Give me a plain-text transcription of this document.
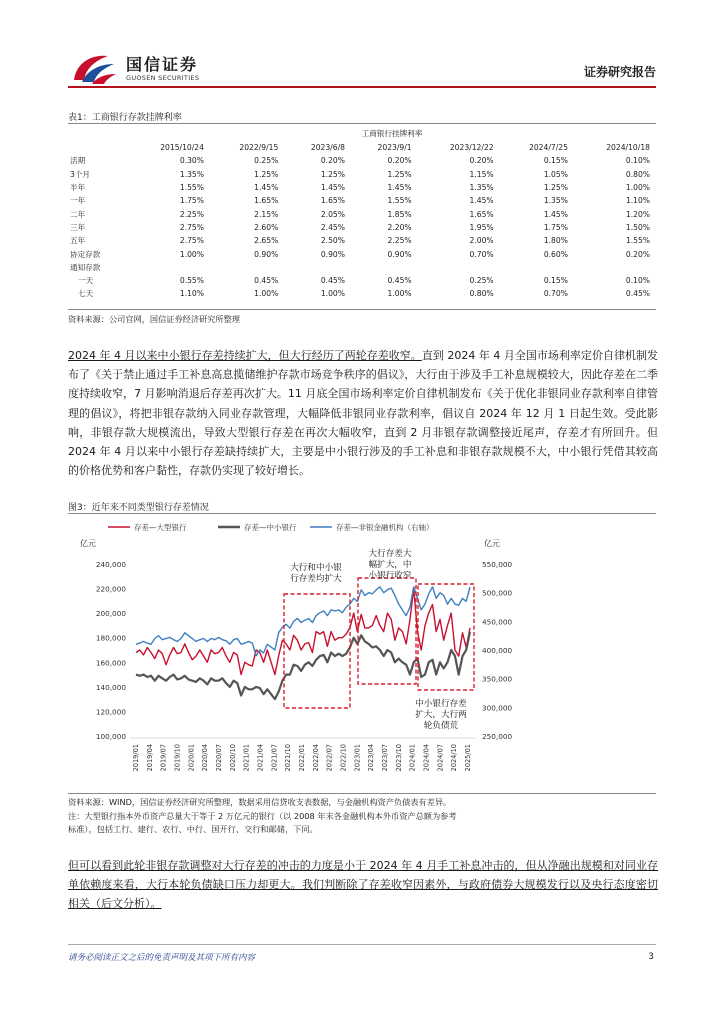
国信证券
GUOSEN SECURITIES	证券研究报告
表1：工商银行存款挂牌利率
	工商银行挂牌利率						
	2015/10/24	2022/9/15	2023/6/8	2023/9/1	2023/12/22	2024/7/25	2024/10/18
活期	0.30%	0.25%	0.20%	0.20%	0.20%	0.15%	0.10%
3个月	1.35%	1.25%	1.25%	1.25%	1.15%	1.05%	0.80%
半年	1.55%	1.45%	1.45%	1.45%	1.35%	1.25%	1.00%
一年	1.75%	1.65%	1.65%	1.55%	1.45%	1.35%	1.10%
二年	2.25%	2.15%	2.05%	1.85%	1.65%	1.45%	1.20%
三年	2.75%	2.60%	2.45%	2.20%	1.95%	1.75%	1.50%
五年	2.75%	2.65%	2.50%	2.25%	2.00%	1.80%	1.55%
协定存款	1.00%	0.90%	0.90%	0.90%	0.70%	0.60%	0.20%
通知存款							
一天	0.55%	0.45%	0.45%	0.45%	0.25%	0.15%	0.10%
七天	1.10%	1.00%	1.00%	1.00%	0.80%	0.70%	0.45%
资料来源：公司官网，国信证券经济研究所整理
2024 年 4 月以来中小银行存差持续扩大，但大行经历了两轮存差收窄。直到 2024 年 4 月全国市场利率定价自律机制发布了《关于禁止通过手工补息高息揽储维护存款市场竞争秩序的倡议》，大行由于涉及手工补息规模较大，因此存差在二季度持续收窄，7 月影响消退后存差再次扩大。11 月底全国市场利率定价自律机制发布《关于优化非银同业存款利率自律管理的倡议》，将把非银存款纳入同业存款管理，大幅降低非银同业存款利率，倡议自 2024 年 12 月 1 日起生效。受此影响，非银存款大规模流出，导致大型银行存差在再次大幅收窄，直到 2 月非银存款调整接近尾声，存差才有所回升。但 2024 年 4 月以来中小银行存差缺持续扩大，主要是中小银行涉及的手工补息和非银存款规模不大，中小银行凭借其较高的价格优势和客户黏性，存款仍实现了较好增长。
图3：近年来不同类型银行存差情况
存差—大型银行	存差—中小银行	存差—非银金融机构（右轴）
亿元	亿元
240,000
220,000
200,000
180,000
160,000
140,000
120,000
100,000
550,000
500,000
450,000
400,000
350,000
300,000
250,000
2019/01 2019/04 2019/07 2019/10 2020/01 2020/04 2020/07 2020/10 2021/01 2021/04 2021/07 2021/10 2022/01 2022/04 2022/07 2022/10 2023/01 2023/04 2023/07 2023/10 2024/01 2024/04 2024/07 2024/10 2025/01
大行和中小银
行存差均扩大
大行存差大
幅扩大，中
小银行收窄
中小银行存差
扩大，大行两
轮负债荒
资料来源：WIND，国信证券经济研究所整理，数据采用信贷收支表数据，与金融机构资产负债表有差异。
注：大型银行指本外币资产总量大于等于 2 万亿元的银行（以 2008 年末各金融机构本外币资产总额为参考
标准），包括工行、建行、农行、中行、国开行、交行和邮储，下同。
但可以看到此轮非银存款调整对大行存差的冲击的力度是小于 2024 年 4 月手工补息冲击的，但从净融出规模和对同业存单依赖度来看，大行本轮负债缺口压力却更大。我们判断除了存差收窄因素外，与政府债券大规模发行以及央行态度密切相关（后文分析）。
请务必阅读正文之后的免责声明及其项下所有内容	3
